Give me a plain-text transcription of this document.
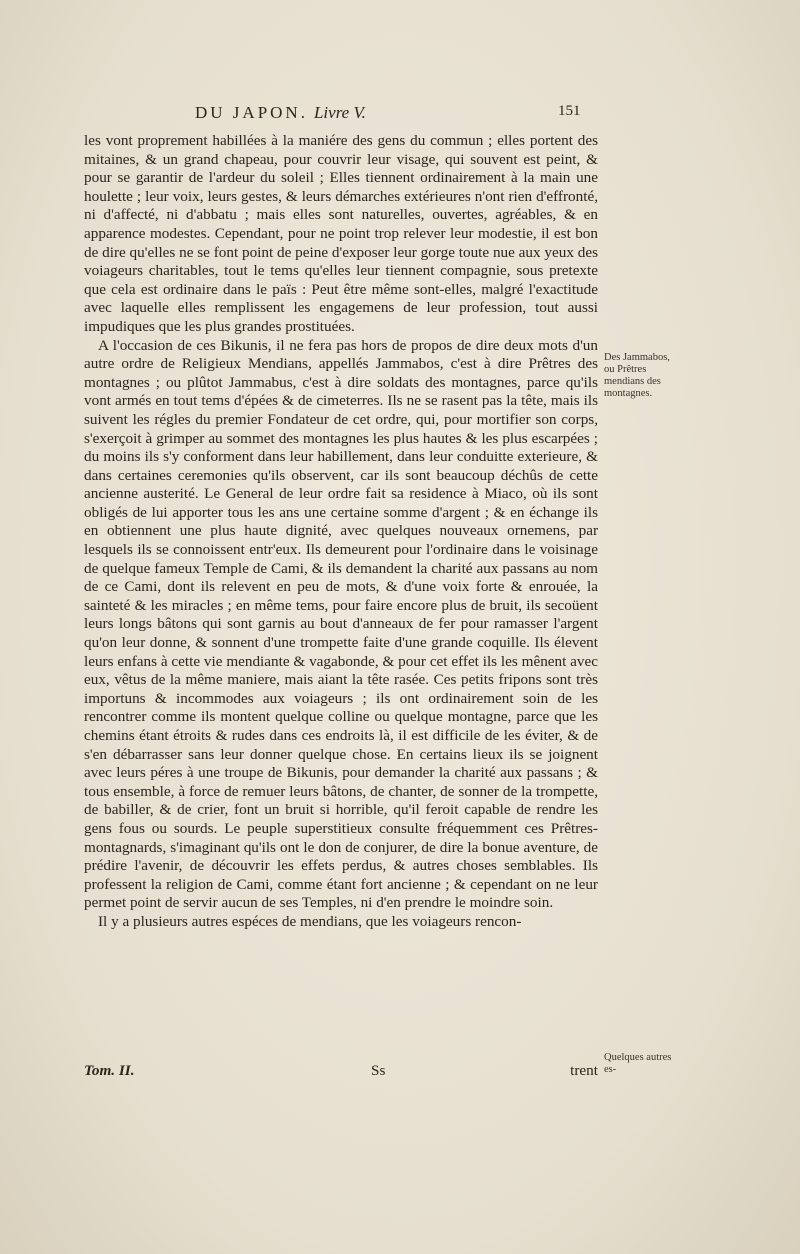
DU JAPON. Livre V.	151

les vont proprement habillées à la maniére des gens du commun ; elles portent des mitaines, & un grand chapeau, pour couvrir leur visage, qui souvent est peint, & pour se garantir de l'ardeur du soleil ; Elles tiennent ordinairement à la main une houlette ; leur voix, leurs gestes, & leurs démarches extérieures n'ont rien d'effronté, ni d'affecté, ni d'abbatu ; mais elles sont naturelles, ouvertes, agréables, & en apparence modestes. Cependant, pour ne point trop relever leur modestie, il est bon de dire qu'elles ne se font point de peine d'exposer leur gorge toute nue aux yeux des voiageurs charitables, tout le tems qu'elles leur tiennent compagnie, sous pretexte que cela est ordinaire dans le païs : Peut être même sont-elles, malgré l'exactitude avec laquelle elles remplissent les engagemens de leur profession, tout aussi impudiques que les plus grandes prostituées.

A l'occasion de ces Bikunis, il ne fera pas hors de propos de dire deux mots d'un autre ordre de Religieux Mendians, appellés Jammabos, c'est à dire Prêtres des montagnes ; ou plûtot Jammabus, c'est à dire soldats des montagnes, parce qu'ils vont armés en tout tems d'épées & de cimeterres. Ils ne se rasent pas la tête, mais ils suivent les régles du premier Fondateur de cet ordre, qui, pour mortifier son corps, s'exerçoit à grimper au sommet des montagnes les plus hautes & les plus escarpées ; du moins ils s'y conforment dans leur habillement, dans leur conduitte exterieure, & dans certaines ceremonies qu'ils observent, car ils sont beaucoup déchûs de cette ancienne austerité. Le General de leur ordre fait sa residence à Miaco, où ils sont obligés de lui apporter tous les ans une certaine somme d'argent ; & en échange ils en obtiennent une plus haute dignité, avec quelques nouveaux ornemens, par lesquels ils se connoissent entr'eux. Ils demeurent pour l'ordinaire dans le voisinage de quelque fameux Temple de Cami, & ils demandent la charité aux passans au nom de ce Cami, dont ils relevent en peu de mots, & d'une voix forte & enrouée, la sainteté & les miracles ; en même tems, pour faire encore plus de bruit, ils secoüent leurs longs bâtons qui sont garnis au bout d'anneaux de fer pour ramasser l'argent qu'on leur donne, & sonnent d'une trompette faite d'une grande coquille. Ils élevent leurs enfans à cette vie mendiante & vagabonde, & pour cet effet ils les mênent avec eux, vêtus de la même maniere, mais aiant la tête rasée. Ces petits fripons sont très importuns & incommodes aux voiageurs ; ils ont ordinairement soin de les rencontrer comme ils montent quelque colline ou quelque montagne, parce que les chemins étant étroits & rudes dans ces endroits là, il est difficile de les éviter, & de s'en débarrasser sans leur donner quelque chose. En certains lieux ils se joignent avec leurs péres à une troupe de Bikunis, pour demander la charité aux passans ; & tous ensemble, à force de remuer leurs bâtons, de chanter, de sonner de la trompette, de babiller, & de crier, font un bruit si horrible, qu'il feroit capable de rendre les gens fous ou sourds. Le peuple superstitieux consulte fréquemment ces Prêtres-montagnards, s'imaginant qu'ils ont le don de conjurer, de dire la bonue aventure, de prédire l'avenir, de découvrir les effets perdus, & autres choses semblables. Ils professent la religion de Cami, comme étant fort ancienne ; & cependant on ne leur permet point de servir aucun de ses Temples, ni d'en prendre le moindre soin.

Il y a plusieurs autres espéces de mendians, que les voiageurs rencon-

Tom. II.	Ss	trent
Des Jammabos, ou Prêtres mendians des montagnes.
Quelques autres es-
